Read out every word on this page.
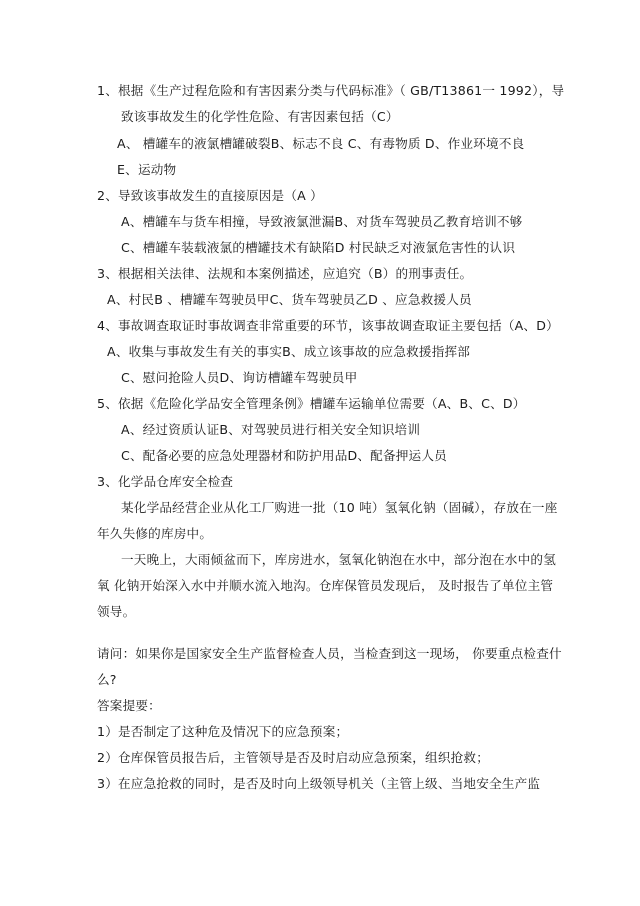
1、根据《生产过程危险和有害因素分类与代码标准》（ GB/T13861一 1992），导
致该事故发生的化学性危险、有害因素包括（C）
A、 槽罐车的液氯槽罐破裂B、标志不良 C、有毒物质 D、作业环境不良
E、运动物
2、导致该事故发生的直接原因是（A ）
A、槽罐车与货车相撞，导致液氯泄漏B、对货车驾驶员乙教育培训不够
C、槽罐车装载液氯的槽罐技术有缺陷D 村民缺乏对液氯危害性的认识
3、根据相关法律、法规和本案例描述，应追究（B）的刑事责任。
A、村民B 、槽罐车驾驶员甲C、货车驾驶员乙D 、应急救援人员
4、事故调查取证时事故调查非常重要的环节，该事故调查取证主要包括（A、D）
A、收集与事故发生有关的事实B、成立该事故的应急救援指挥部
C、慰问抢险人员D、询访槽罐车驾驶员甲
5、依据《危险化学品安全管理条例》槽罐车运输单位需要（A、B、C、D）
A、经过资质认证B、对驾驶员进行相关安全知识培训
C、配备必要的应急处理器材和防护用品D、配备押运人员
3、化学品仓库安全检查
某化学品经营企业从化工厂购进一批（10 吨）氢氧化钠（固碱），存放在一座
年久失修的库房中。
一天晚上，大雨倾盆而下，库房进水，氢氧化钠泡在水中，部分泡在水中的氢
氧 化钠开始深入水中并顺水流入地沟。仓库保管员发现后， 及时报告了单位主管
领导。
请问：如果你是国家安全生产监督检查人员，当检查到这一现场， 你要重点检查什
么?
答案提要：
1）是否制定了这种危及情况下的应急预案；
2）仓库保管员报告后，主管领导是否及时启动应急预案，组织抢救；
3）在应急抢救的同时，是否及时向上级领导机关（主管上级、当地安全生产监
